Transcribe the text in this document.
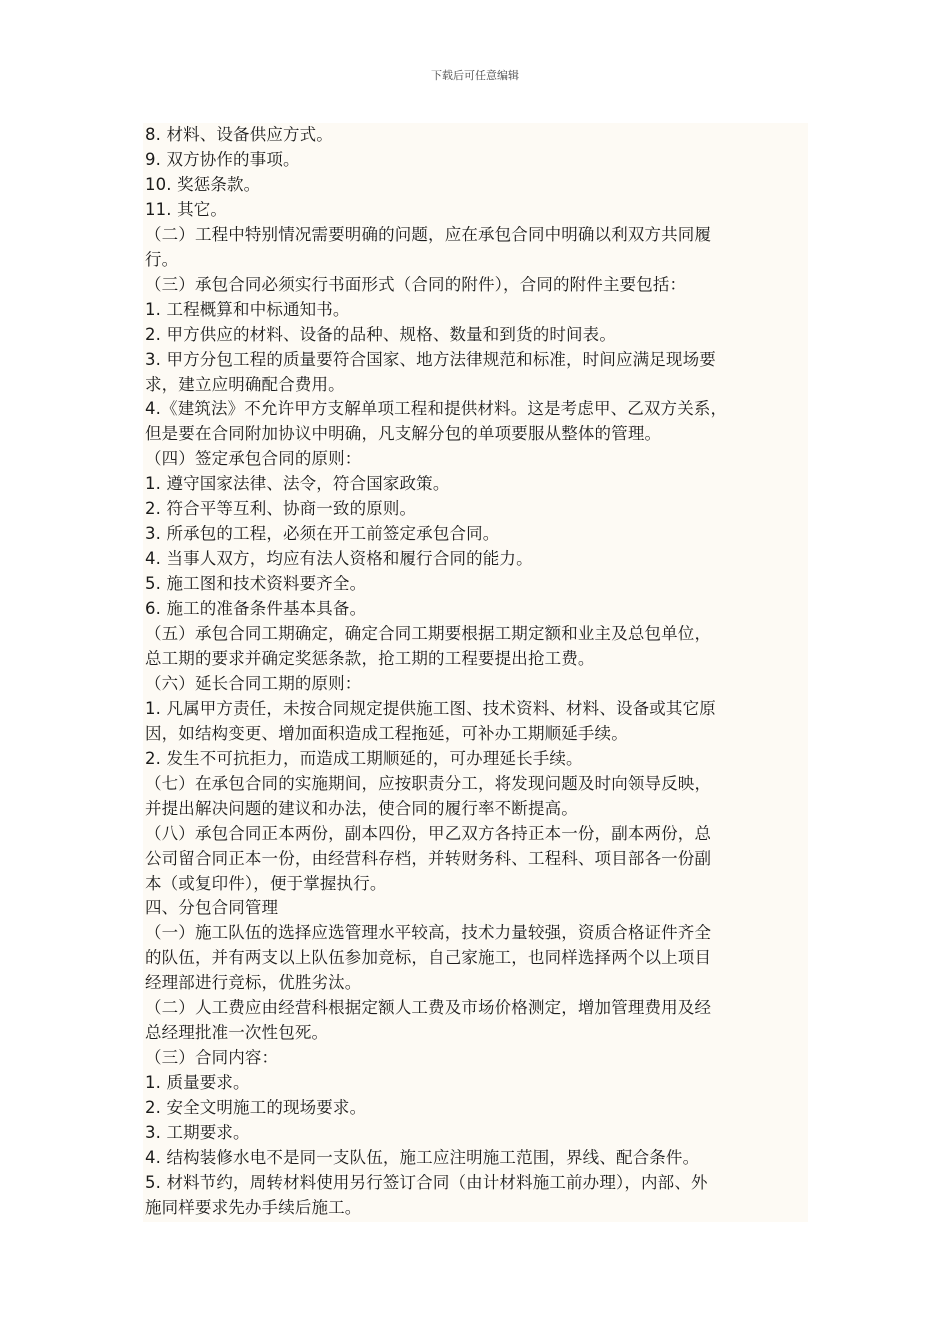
下载后可任意编辑
8. 材料、设备供应方式。
9. 双方协作的事项。
10. 奖惩条款。
11. 其它。
（二）工程中特别情况需要明确的问题，应在承包合同中明确以利双方共同履
行。
（三）承包合同必须实行书面形式（合同的附件），合同的附件主要包括：
1. 工程概算和中标通知书。
2. 甲方供应的材料、设备的品种、规格、数量和到货的时间表。
3. 甲方分包工程的质量要符合国家、地方法律规范和标准，时间应满足现场要
求，建立应明确配合费用。
4.《建筑法》不允许甲方支解单项工程和提供材料。这是考虑甲、乙双方关系，
但是要在合同附加协议中明确，凡支解分包的单项要服从整体的管理。
（四）签定承包合同的原则：
1. 遵守国家法律、法令，符合国家政策。
2. 符合平等互利、协商一致的原则。
3. 所承包的工程，必须在开工前签定承包合同。
4. 当事人双方，均应有法人资格和履行合同的能力。
5. 施工图和技术资料要齐全。
6. 施工的准备条件基本具备。
（五）承包合同工期确定，确定合同工期要根据工期定额和业主及总包单位，
总工期的要求并确定奖惩条款，抢工期的工程要提出抢工费。
（六）延长合同工期的原则：
1. 凡属甲方责任，未按合同规定提供施工图、技术资料、材料、设备或其它原
因，如结构变更、增加面积造成工程拖延，可补办工期顺延手续。
2. 发生不可抗拒力，而造成工期顺延的，可办理延长手续。
（七）在承包合同的实施期间，应按职责分工，将发现问题及时向领导反映，
并提出解决问题的建议和办法，使合同的履行率不断提高。
（八）承包合同正本两份，副本四份，甲乙双方各持正本一份，副本两份，总
公司留合同正本一份，由经营科存档，并转财务科、工程科、项目部各一份副
本（或复印件），便于掌握执行。
四、分包合同管理
（一）施工队伍的选择应选管理水平较高，技术力量较强，资质合格证件齐全
的队伍，并有两支以上队伍参加竞标，自己家施工，也同样选择两个以上项目
经理部进行竞标，优胜劣汰。
（二）人工费应由经营科根据定额人工费及市场价格测定，增加管理费用及经
总经理批准一次性包死。
（三）合同内容：
1. 质量要求。
2. 安全文明施工的现场要求。
3. 工期要求。
4. 结构装修水电不是同一支队伍，施工应注明施工范围，界线、配合条件。
5. 材料节约，周转材料使用另行签订合同（由计材料施工前办理），内部、外
施同样要求先办手续后施工。
